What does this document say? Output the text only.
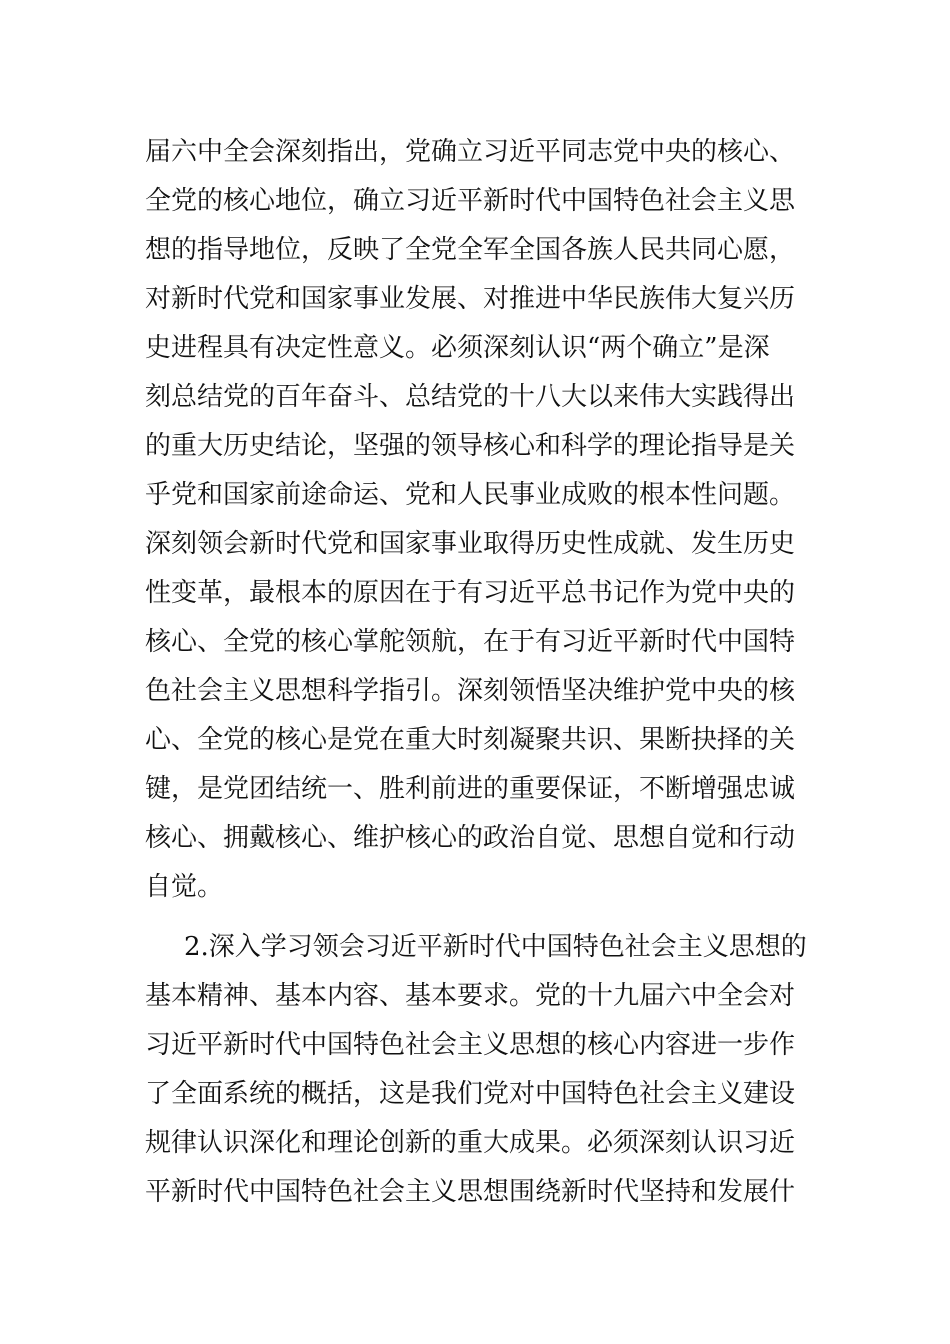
届六中全会深刻指出，党确立习近平同志党中央的核心、
全党的核心地位，确立习近平新时代中国特色社会主义思
想的指导地位，反映了全党全军全国各族人民共同心愿，
对新时代党和国家事业发展、对推进中华民族伟大复兴历
史进程具有决定性意义。必须深刻认识“两个确立”是深
刻总结党的百年奋斗、总结党的十八大以来伟大实践得出
的重大历史结论，坚强的领导核心和科学的理论指导是关
乎党和国家前途命运、党和人民事业成败的根本性问题。
深刻领会新时代党和国家事业取得历史性成就、发生历史
性变革，最根本的原因在于有习近平总书记作为党中央的
核心、全党的核心掌舵领航，在于有习近平新时代中国特
色社会主义思想科学指引。深刻领悟坚决维护党中央的核
心、全党的核心是党在重大时刻凝聚共识、果断抉择的关
键，是党团结统一、胜利前进的重要保证，不断增强忠诚
核心、拥戴核心、维护核心的政治自觉、思想自觉和行动
自觉。
2.深入学习领会习近平新时代中国特色社会主义思想的
基本精神、基本内容、基本要求。党的十九届六中全会对
习近平新时代中国特色社会主义思想的核心内容进一步作
了全面系统的概括，这是我们党对中国特色社会主义建设
规律认识深化和理论创新的重大成果。必须深刻认识习近
平新时代中国特色社会主义思想围绕新时代坚持和发展什
